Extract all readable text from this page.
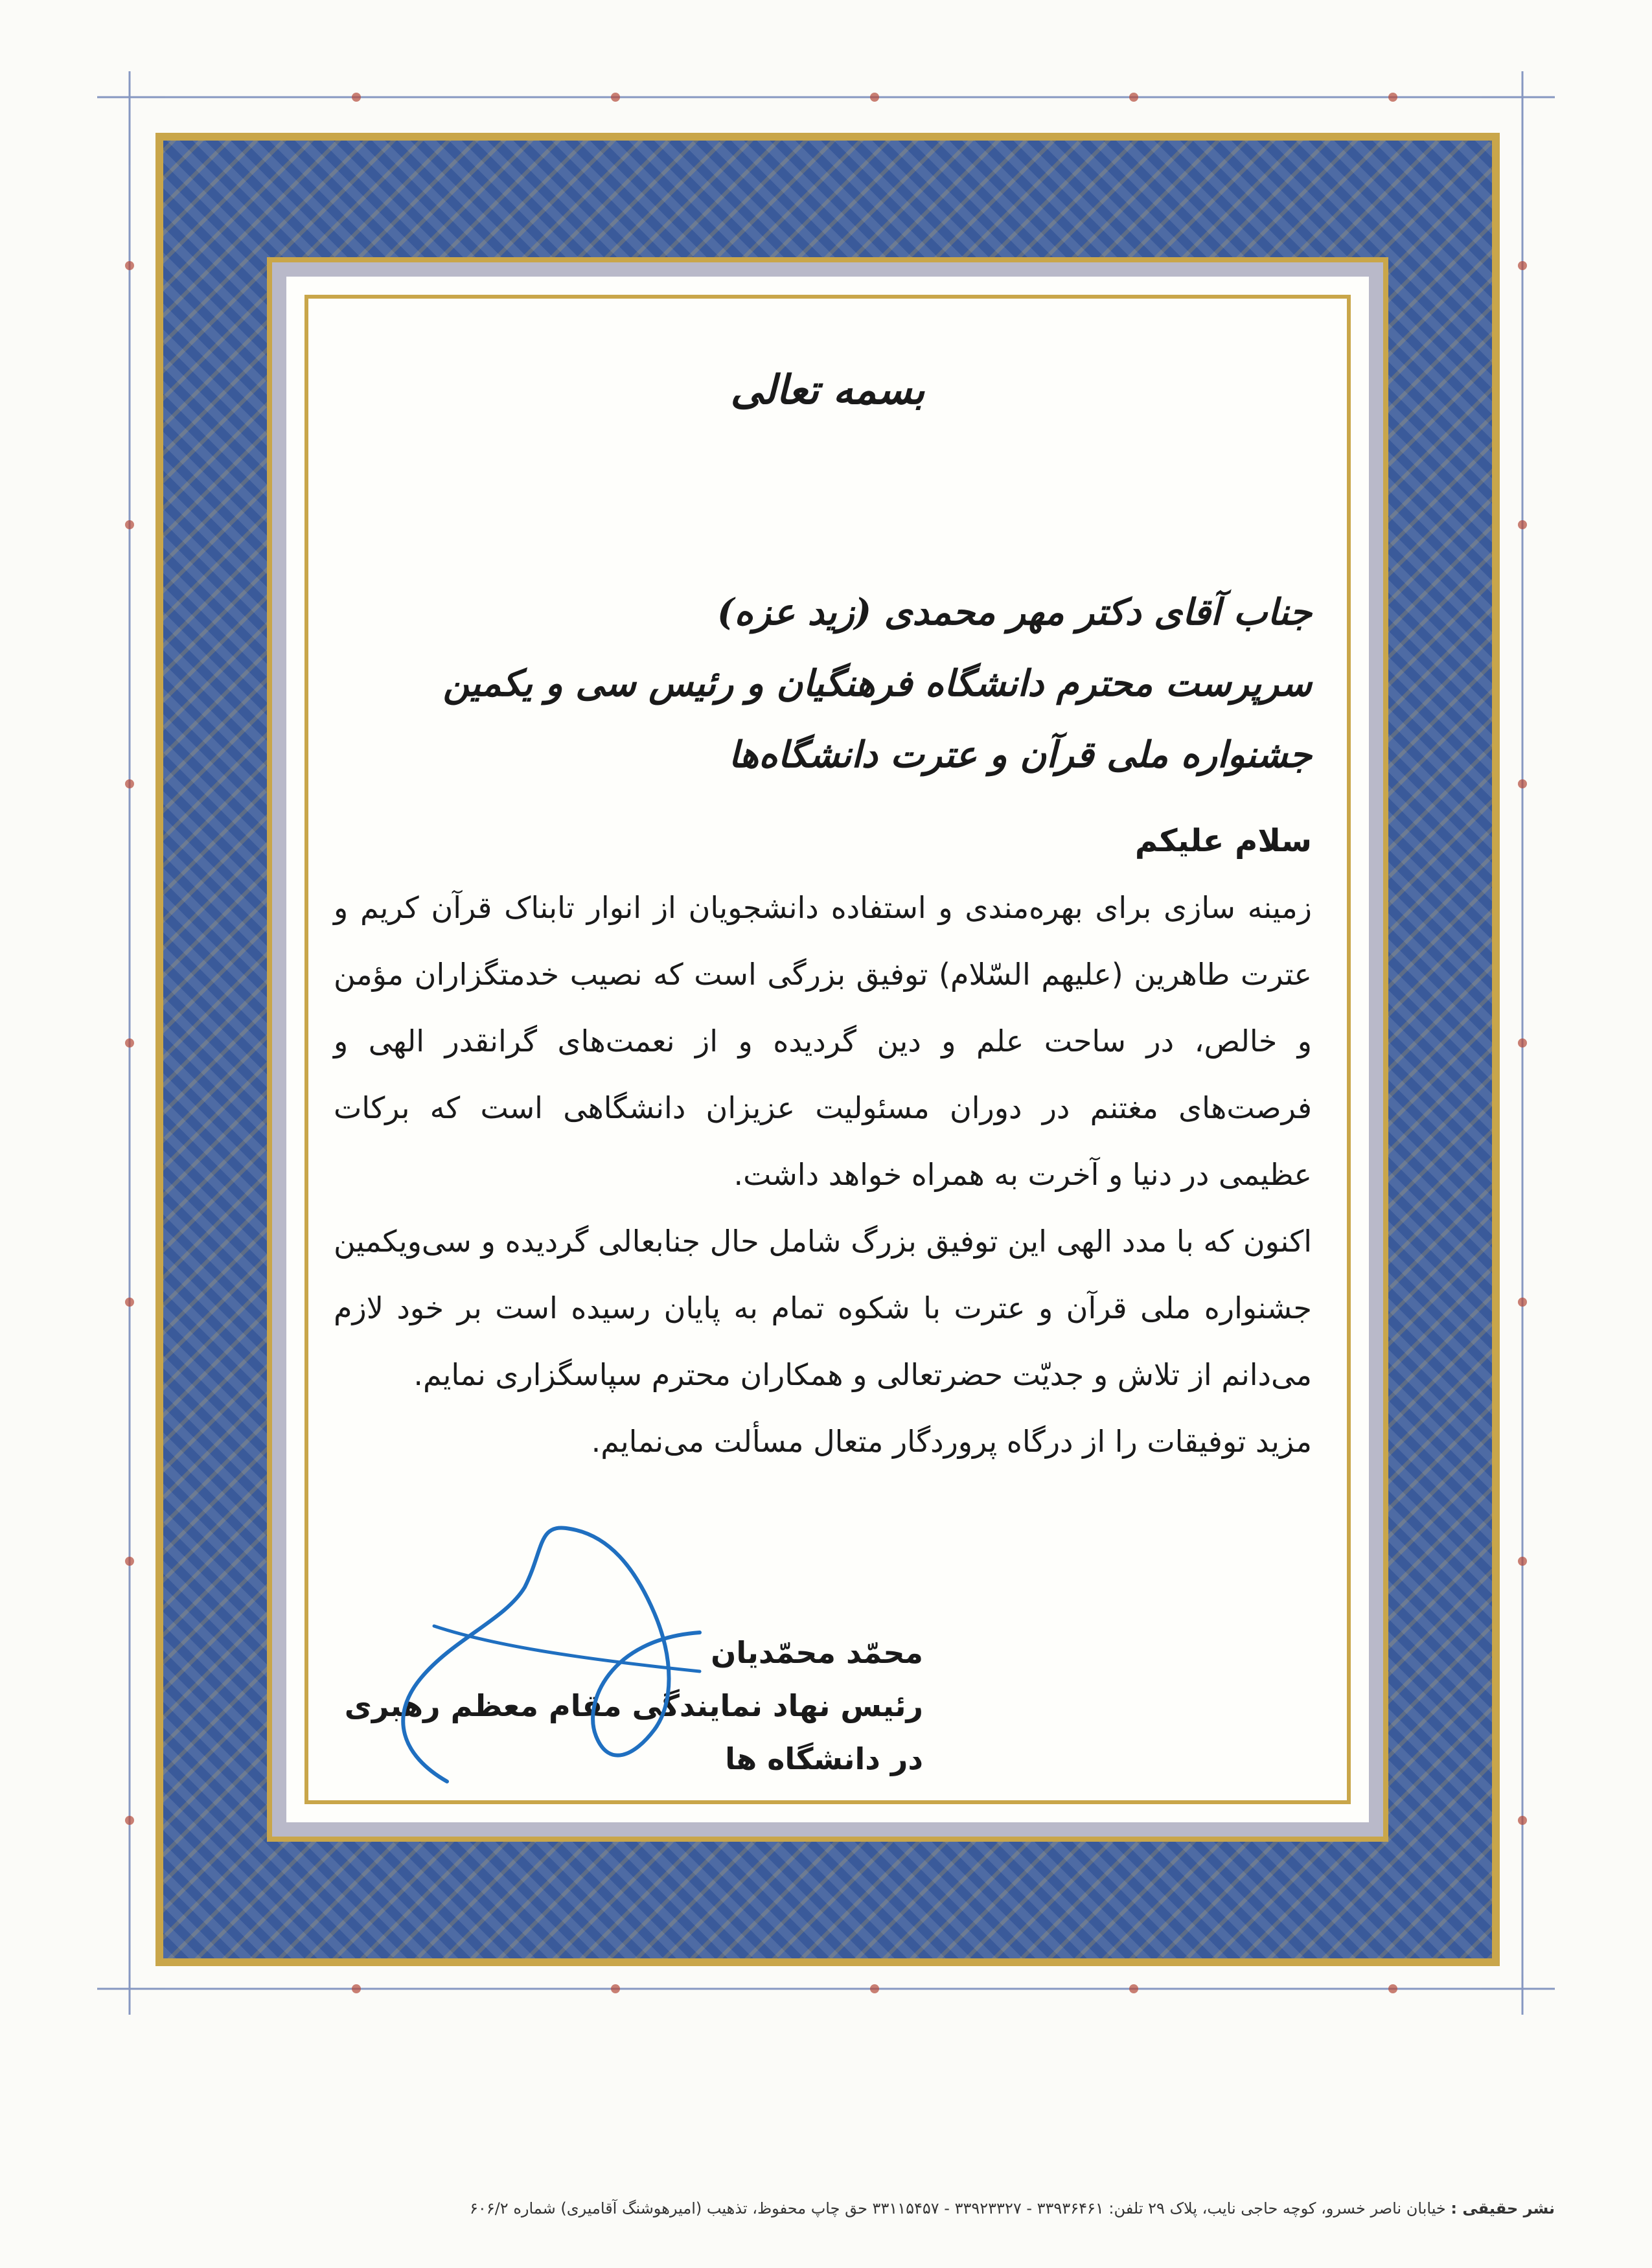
بسمه تعالی
جناب آقای دکتر مهر محمدی (زید عزه)
سرپرست محترم دانشگاه فرهنگیان و رئیس سی و یکمین جشنواره ملی قرآن و عترت دانشگاه‌ها
سلام علیکم

زمینه سازی برای بهره‌مندی و استفاده دانشجویان از انوار تابناک قرآن کریم و عترت طاهرین (علیهم السّلام) توفیق بزرگی است که نصیب خدمتگزاران مؤمن و خالص، در ساحت علم و دین گردیده و از نعمت‌های گرانقدر الهی و فرصت‌های مغتنم در دوران مسئولیت عزیزان دانشگاهی است که برکات عظیمی در دنیا و آخرت به همراه خواهد داشت.

اکنون که با مدد الهی این توفیق بزرگ شامل حال جنابعالی گردیده و سی‌ویکمین جشنواره ملی قرآن و عترت با شکوه تمام به پایان رسیده است بر خود لازم می‌دانم از تلاش و جدیّت حضرتعالی و همکاران محترم سپاسگزاری نمایم.

مزید توفیقات را از درگاه پروردگار متعال مسألت می‌نمایم.

محمّد محمّدیان
رئیس نهاد نمایندگی مقام معظم رهبری
در دانشگاه ها
نشر حقیقی : خیابان ناصر خسرو، کوچه حاجی نایب، پلاک ۲۹ تلفن: ۳۳۹۳۶۴۶۱ - ۳۳۹۲۳۳۲۷ - ۳۳۱۱۵۴۵۷ حق چاپ محفوظ، تذهیب (امیرهوشنگ آقامیری) شماره ۶۰۶/۲
